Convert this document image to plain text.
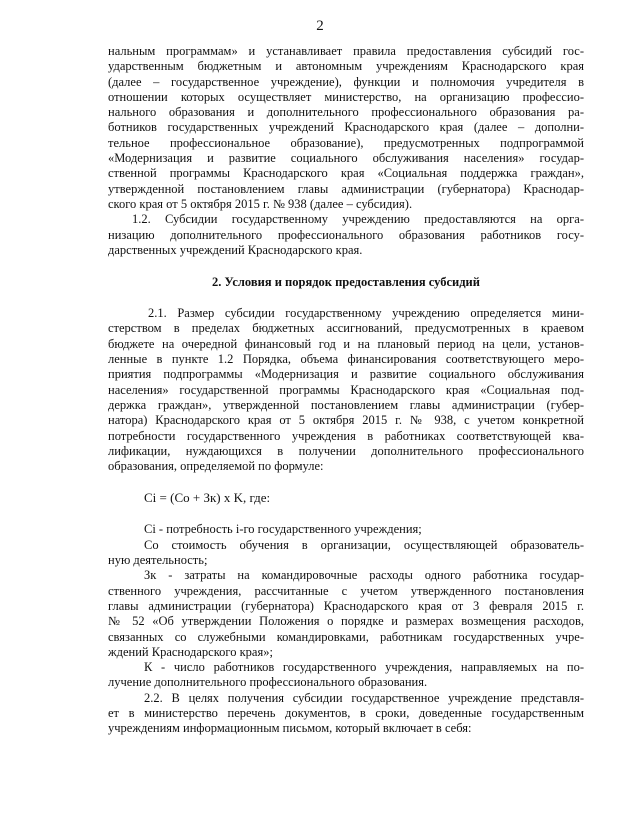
2
нальным программам» и устанавливает правила предоставления субсидий гос-
ударственным бюджетным и автономным учреждениям Краснодарского края
(далее – государственное учреждение), функции и полномочия учредителя в
отношении которых осуществляет министерство, на организацию профессио-
нального образования и дополнительного профессионального образования ра-
ботников государственных учреждений Краснодарского края (далее – дополни-
тельное профессиональное образование), предусмотренных подпрограммой
«Модернизация и развитие социального обслуживания населения» государ-
ственной программы Краснодарского края «Социальная поддержка граждан»,
утвержденной постановлением главы администрации (губернатора) Краснодар-
ского края от 5 октября 2015 г. № 938 (далее – субсидия).
1.2. Субсидии государственному учреждению предоставляются на орга-
низацию дополнительного профессионального образования работников госу-
дарственных учреждений Краснодарского края.
2. Условия и порядок предоставления субсидий
2.1. Размер субсидии государственному учреждению определяется мини-
стерством в пределах бюджетных ассигнований, предусмотренных в краевом
бюджете на очередной финансовый год и на плановый период на цели, установ-
ленные в пункте 1.2 Порядка, объема финансирования соответствующего меро-
приятия подпрограммы «Модернизация и развитие социального обслуживания
населения» государственной программы Краснодарского края «Социальная под-
держка граждан», утвержденной постановлением главы администрации (губер-
натора) Краснодарского края от 5 октября 2015 г. № 938, с учетом конкретной
потребности государственного учреждения в работниках соответствующей ква-
лификации, нуждающихся в получении дополнительного профессионального
образования, определяемой по формуле:
Ci = (Co + Зк) x K, где:
Ci - потребность i-го государственного учреждения;
Co стоимость обучения в организации, осуществляющей образователь-
ную деятельность;
Зк - затраты на командировочные расходы одного работника государ-
ственного учреждения, рассчитанные с учетом утвержденного постановления
главы администрации (губернатора) Краснодарского края от 3 февраля 2015 г.
№ 52 «Об утверждении Положения о порядке и размерах возмещения расходов,
связанных со служебными командировками, работникам государственных учре-
ждений Краснодарского края»;
К - число работников государственного учреждения, направляемых на по-
лучение дополнительного профессионального образования.
2.2. В целях получения субсидии государственное учреждение представля-
ет в министерство перечень документов, в сроки, доведенные государственным
учреждениям информационным письмом, который включает в себя:
